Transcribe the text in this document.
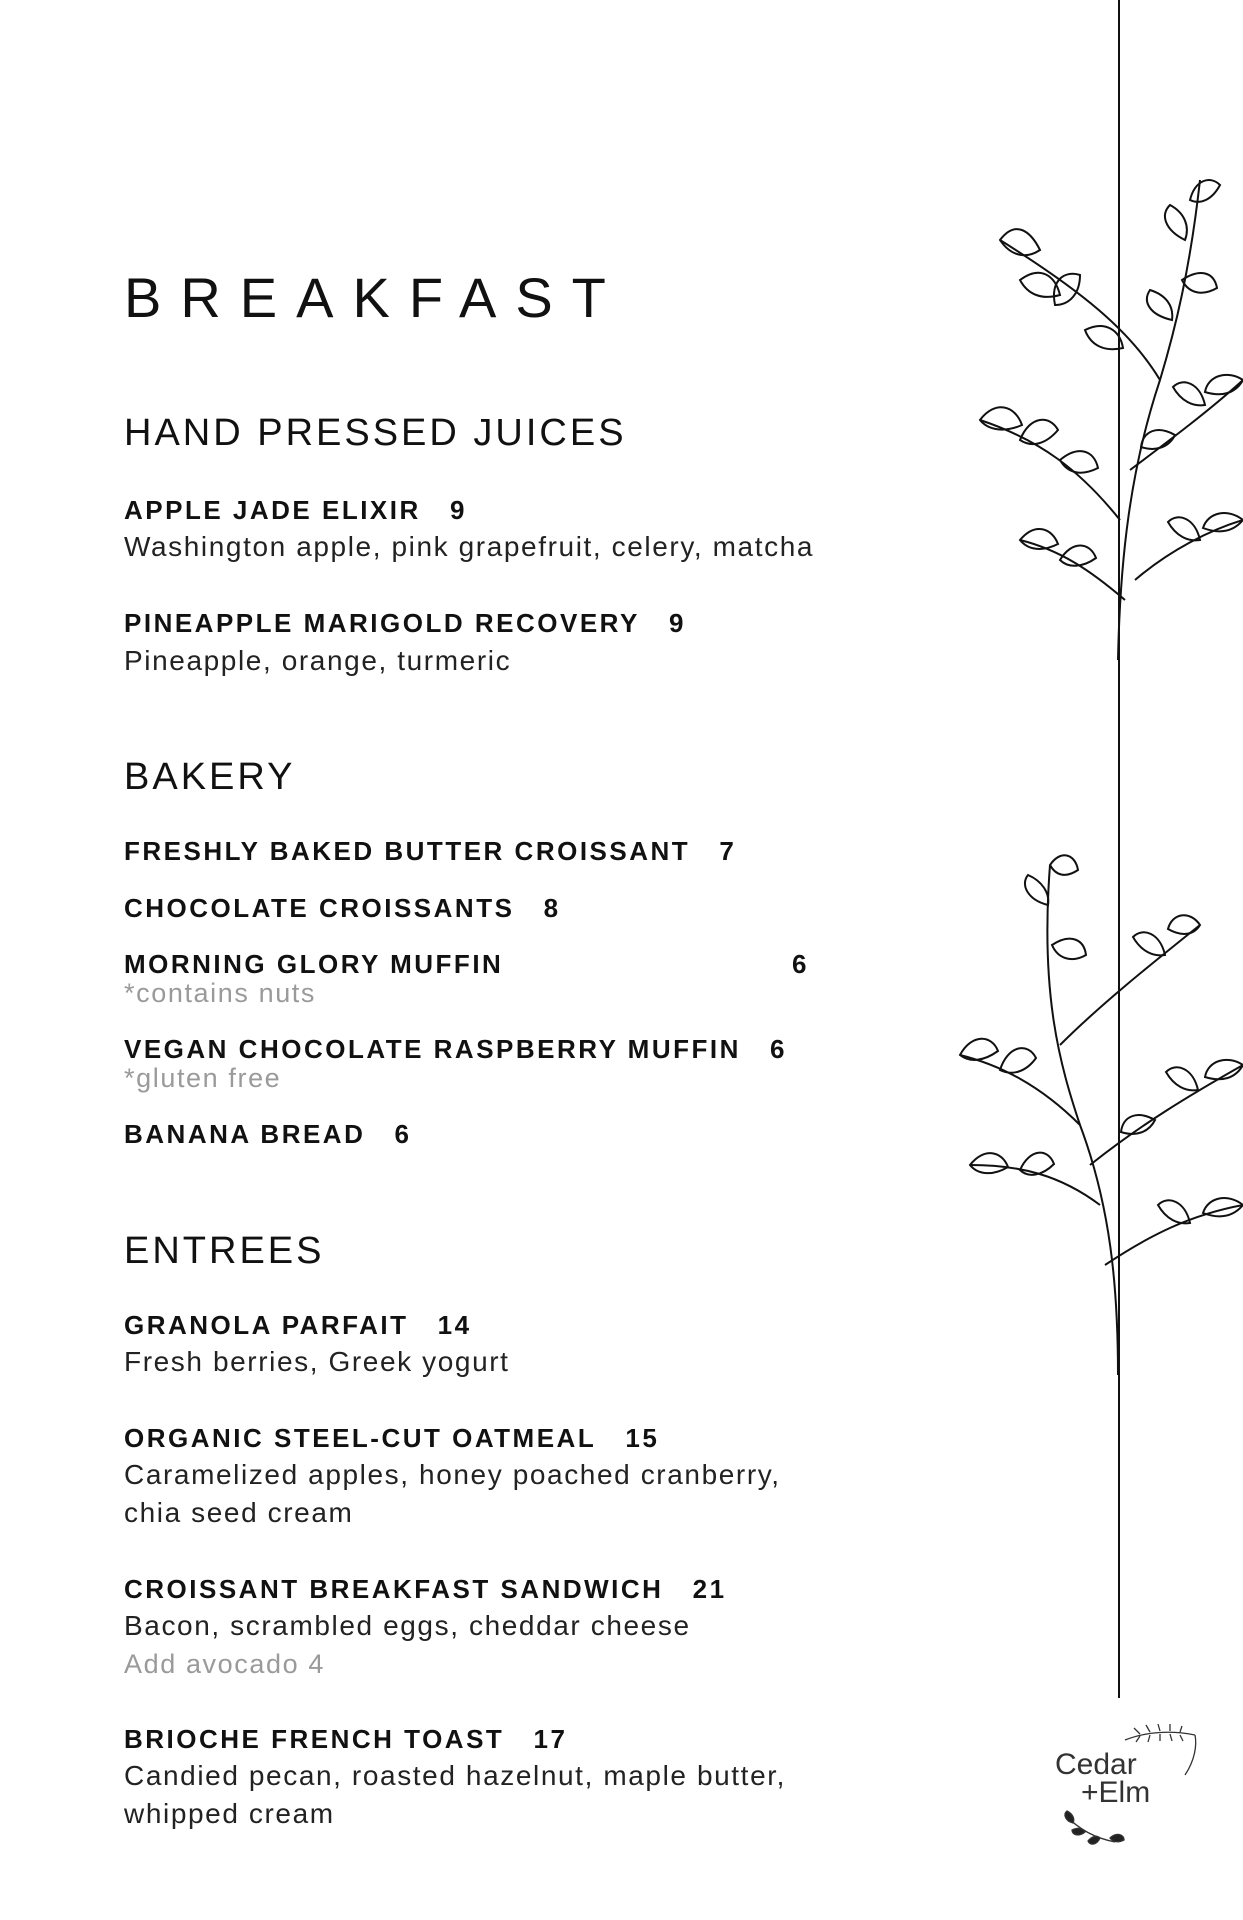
BREAKFAST
HAND PRESSED JUICES
APPLE JADE ELIXIR 9
Washington apple, pink grapefruit, celery, matcha
PINEAPPLE MARIGOLD RECOVERY 9
Pineapple, orange, turmeric
BAKERY
FRESHLY BAKED BUTTER CROISSANT 7
CHOCOLATE CROISSANTS 8
MORNING GLORY MUFFIN	6
*contains nuts
VEGAN CHOCOLATE RASPBERRY MUFFIN 6
*gluten free
BANANA BREAD 6
ENTREES
GRANOLA PARFAIT 14
Fresh berries, Greek yogurt
ORGANIC STEEL-CUT OATMEAL 15
Caramelized apples, honey poached cranberry,
chia seed cream
CROISSANT BREAKFAST SANDWICH 21
Bacon, scrambled eggs, cheddar cheese
Add avocado 4
BRIOCHE FRENCH TOAST 17
Candied pecan, roasted hazelnut, maple butter,
whipped cream
Cedar
+Elm
